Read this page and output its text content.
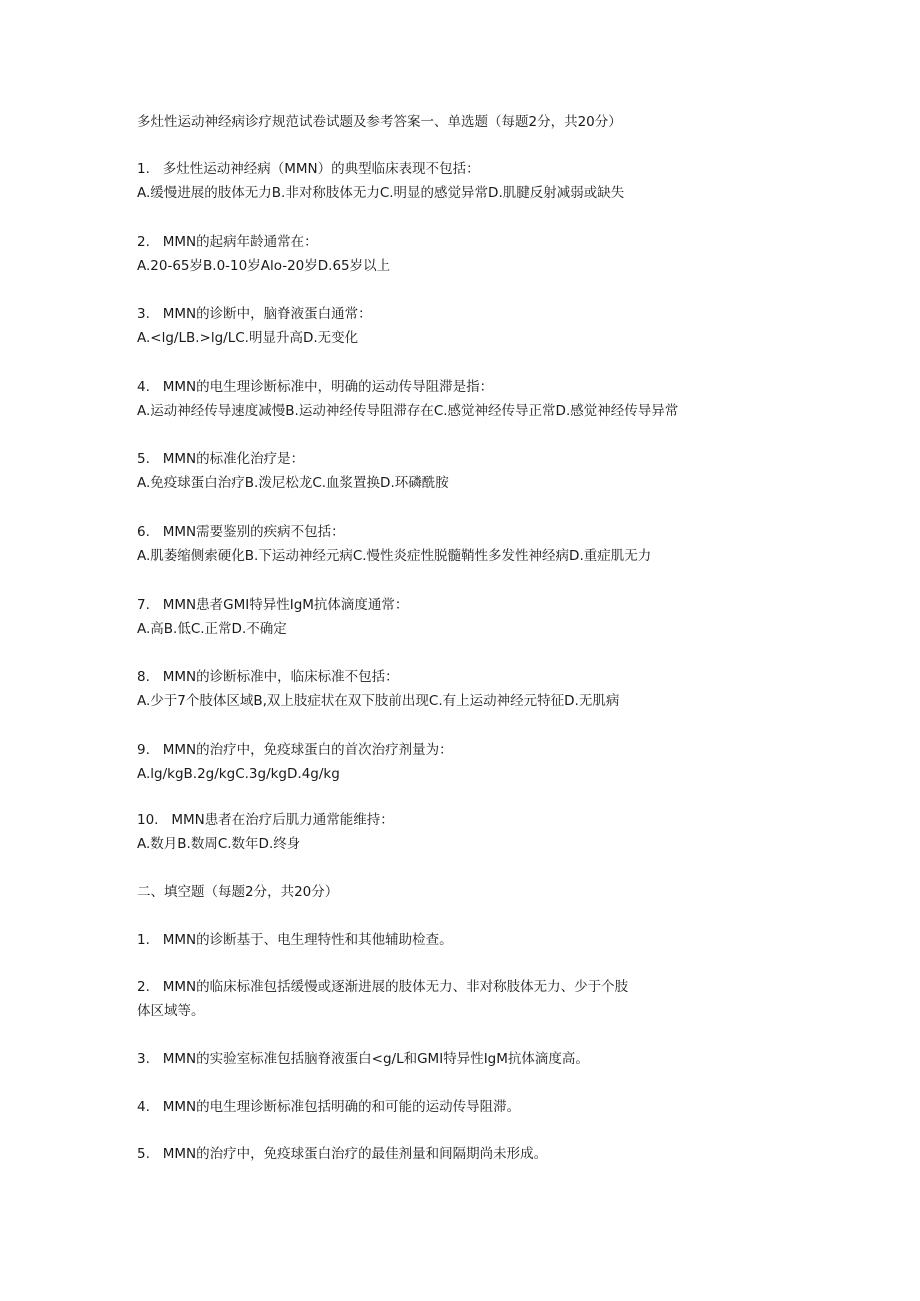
多灶性运动神经病诊疗规范试卷试题及参考答案一、单选题（每题2分，共20分）
1.   多灶性运动神经病（MMN）的典型临床表现不包括：
A.缓慢进展的肢体无力B.非对称肢体无力C.明显的感觉异常D.肌腱反射减弱或缺失
2.   MMN的起病年龄通常在：
A.20-65岁B.0-10岁Alo-20岁D.65岁以上
3.   MMN的诊断中，脑脊液蛋白通常：
A.<lg/LB.>lg/LC.明显升高D.无变化
4.   MMN的电生理诊断标准中，明确的运动传导阻滞是指：
A.运动神经传导速度减慢B.运动神经传导阻滞存在C.感觉神经传导正常D.感觉神经传导异常
5.   MMN的标准化治疗是：
A.免疫球蛋白治疗B.泼尼松龙C.血浆置换D.环磷酰胺
6.   MMN需要鉴别的疾病不包括：
A.肌萎缩侧索硬化B.下运动神经元病C.慢性炎症性脱髓鞘性多发性神经病D.重症肌无力
7.   MMN患者GMI特异性IgM抗体滴度通常：
A.高B.低C.正常D.不确定
8.   MMN的诊断标准中，临床标准不包括：
A.少于7个肢体区域B,双上肢症状在双下肢前出现C.有上运动神经元特征D.无肌病
9.   MMN的治疗中，免疫球蛋白的首次治疗剂量为：
A.lg/kgB.2g/kgC.3g/kgD.4g/kg
10.   MMN患者在治疗后肌力通常能维持：
A.数月B.数周C.数年D.终身
二、填空题（每题2分，共20分）
1.   MMN的诊断基于、电生理特性和其他辅助检查。
2.   MMN的临床标准包括缓慢或逐渐进展的肢体无力、非对称肢体无力、少于个肢
体区域等。
3.   MMN的实验室标准包括脑脊液蛋白<g/L和GMI特异性IgM抗体滴度高。
4.   MMN的电生理诊断标准包括明确的和可能的运动传导阻滞。
5.   MMN的治疗中，免疫球蛋白治疗的最佳剂量和间隔期尚未形成。
